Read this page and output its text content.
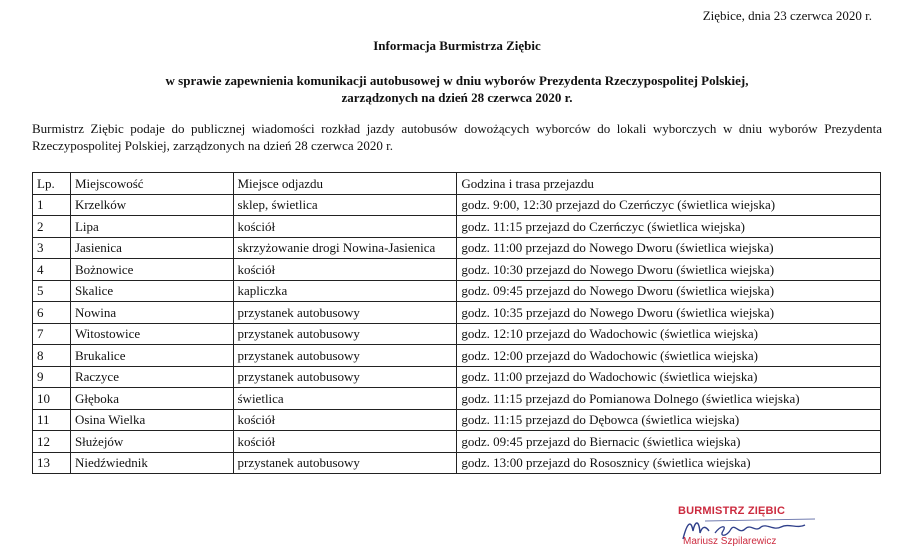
Ziębice, dnia 23 czerwca 2020 r.
Informacja Burmistrza Ziębic
w sprawie zapewnienia komunikacji autobusowej w dniu wyborów Prezydenta Rzeczypospolitej Polskiej,
zarządzonych na dzień 28 czerwca 2020 r.
Burmistrz Ziębic podaje do publicznej wiadomości rozkład jazdy autobusów dowożących wyborców do lokali wyborczych w dniu wyborów Prezydenta Rzeczypospolitej Polskiej, zarządzonych na dzień 28 czerwca 2020 r.
Lp.	Miejscowość	Miejsce odjazdu	Godzina i trasa przejazdu
1	Krzelków	sklep, świetlica	godz. 9:00, 12:30 przejazd do Czerńczyc (świetlica wiejska)
2	Lipa	kościół	godz. 11:15 przejazd do Czerńczyc (świetlica wiejska)
3	Jasienica	skrzyżowanie drogi Nowina-Jasienica	godz. 11:00 przejazd do Nowego Dworu (świetlica wiejska)
4	Bożnowice	kościół	godz. 10:30 przejazd do Nowego Dworu (świetlica wiejska)
5	Skalice	kapliczka	godz. 09:45 przejazd do Nowego Dworu (świetlica wiejska)
6	Nowina	przystanek autobusowy	godz. 10:35 przejazd do Nowego Dworu (świetlica wiejska)
7	Witostowice	przystanek autobusowy	godz. 12:10 przejazd do Wadochowic (świetlica wiejska)
8	Brukalice	przystanek autobusowy	godz. 12:00 przejazd do Wadochowic (świetlica wiejska)
9	Raczyce	przystanek autobusowy	godz. 11:00 przejazd do Wadochowic (świetlica wiejska)
10	Głęboka	świetlica	godz. 11:15 przejazd do Pomianowa Dolnego (świetlica wiejska)
11	Osina Wielka	kościół	godz. 11:15 przejazd do Dębowca (świetlica wiejska)
12	Służejów	kościół	godz. 09:45 przejazd do Biernacic (świetlica wiejska)
13	Niedźwiednik	przystanek autobusowy	godz. 13:00 przejazd do Rososznicy (świetlica wiejska)
BURMISTRZ ZIĘBIC
Mariusz Szpilarewicz
